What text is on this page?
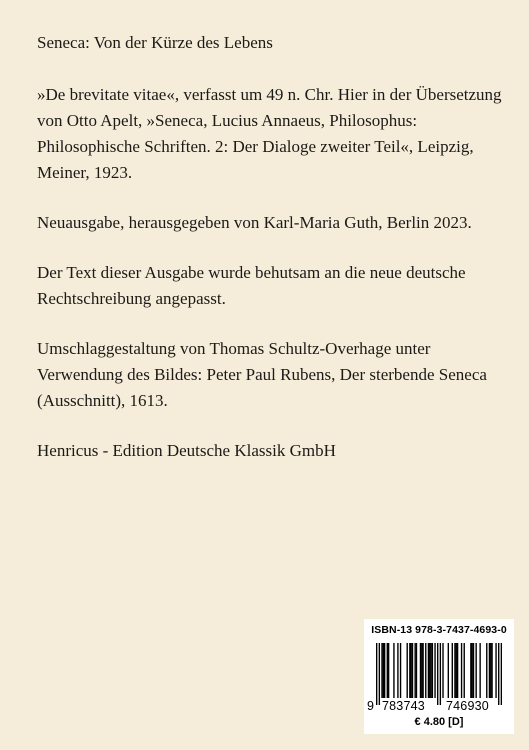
Seneca: Von der Kürze des Lebens

»De brevitate vitae«, verfasst um 49 n. Chr. Hier in der Übersetzung von Otto Apelt, »Seneca, Lucius Annaeus, Philosophus: Philosophische Schriften. 2: Der Dialoge zweiter Teil«, Leipzig, Meiner, 1923.

Neuausgabe, herausgegeben von Karl-Maria Guth, Berlin 2023.

Der Text dieser Ausgabe wurde behutsam an die neue deutsche Rechtschreibung angepasst.

Umschlaggestaltung von Thomas Schultz-Overhage unter Verwendung des Bildes: Peter Paul Rubens, Der sterbende Seneca (Ausschnitt), 1613.

Henricus - Edition Deutsche Klassik GmbH

ISBN-13 978-3-7437-4693-0
9 783743 746930
€ 4.80 [D]
